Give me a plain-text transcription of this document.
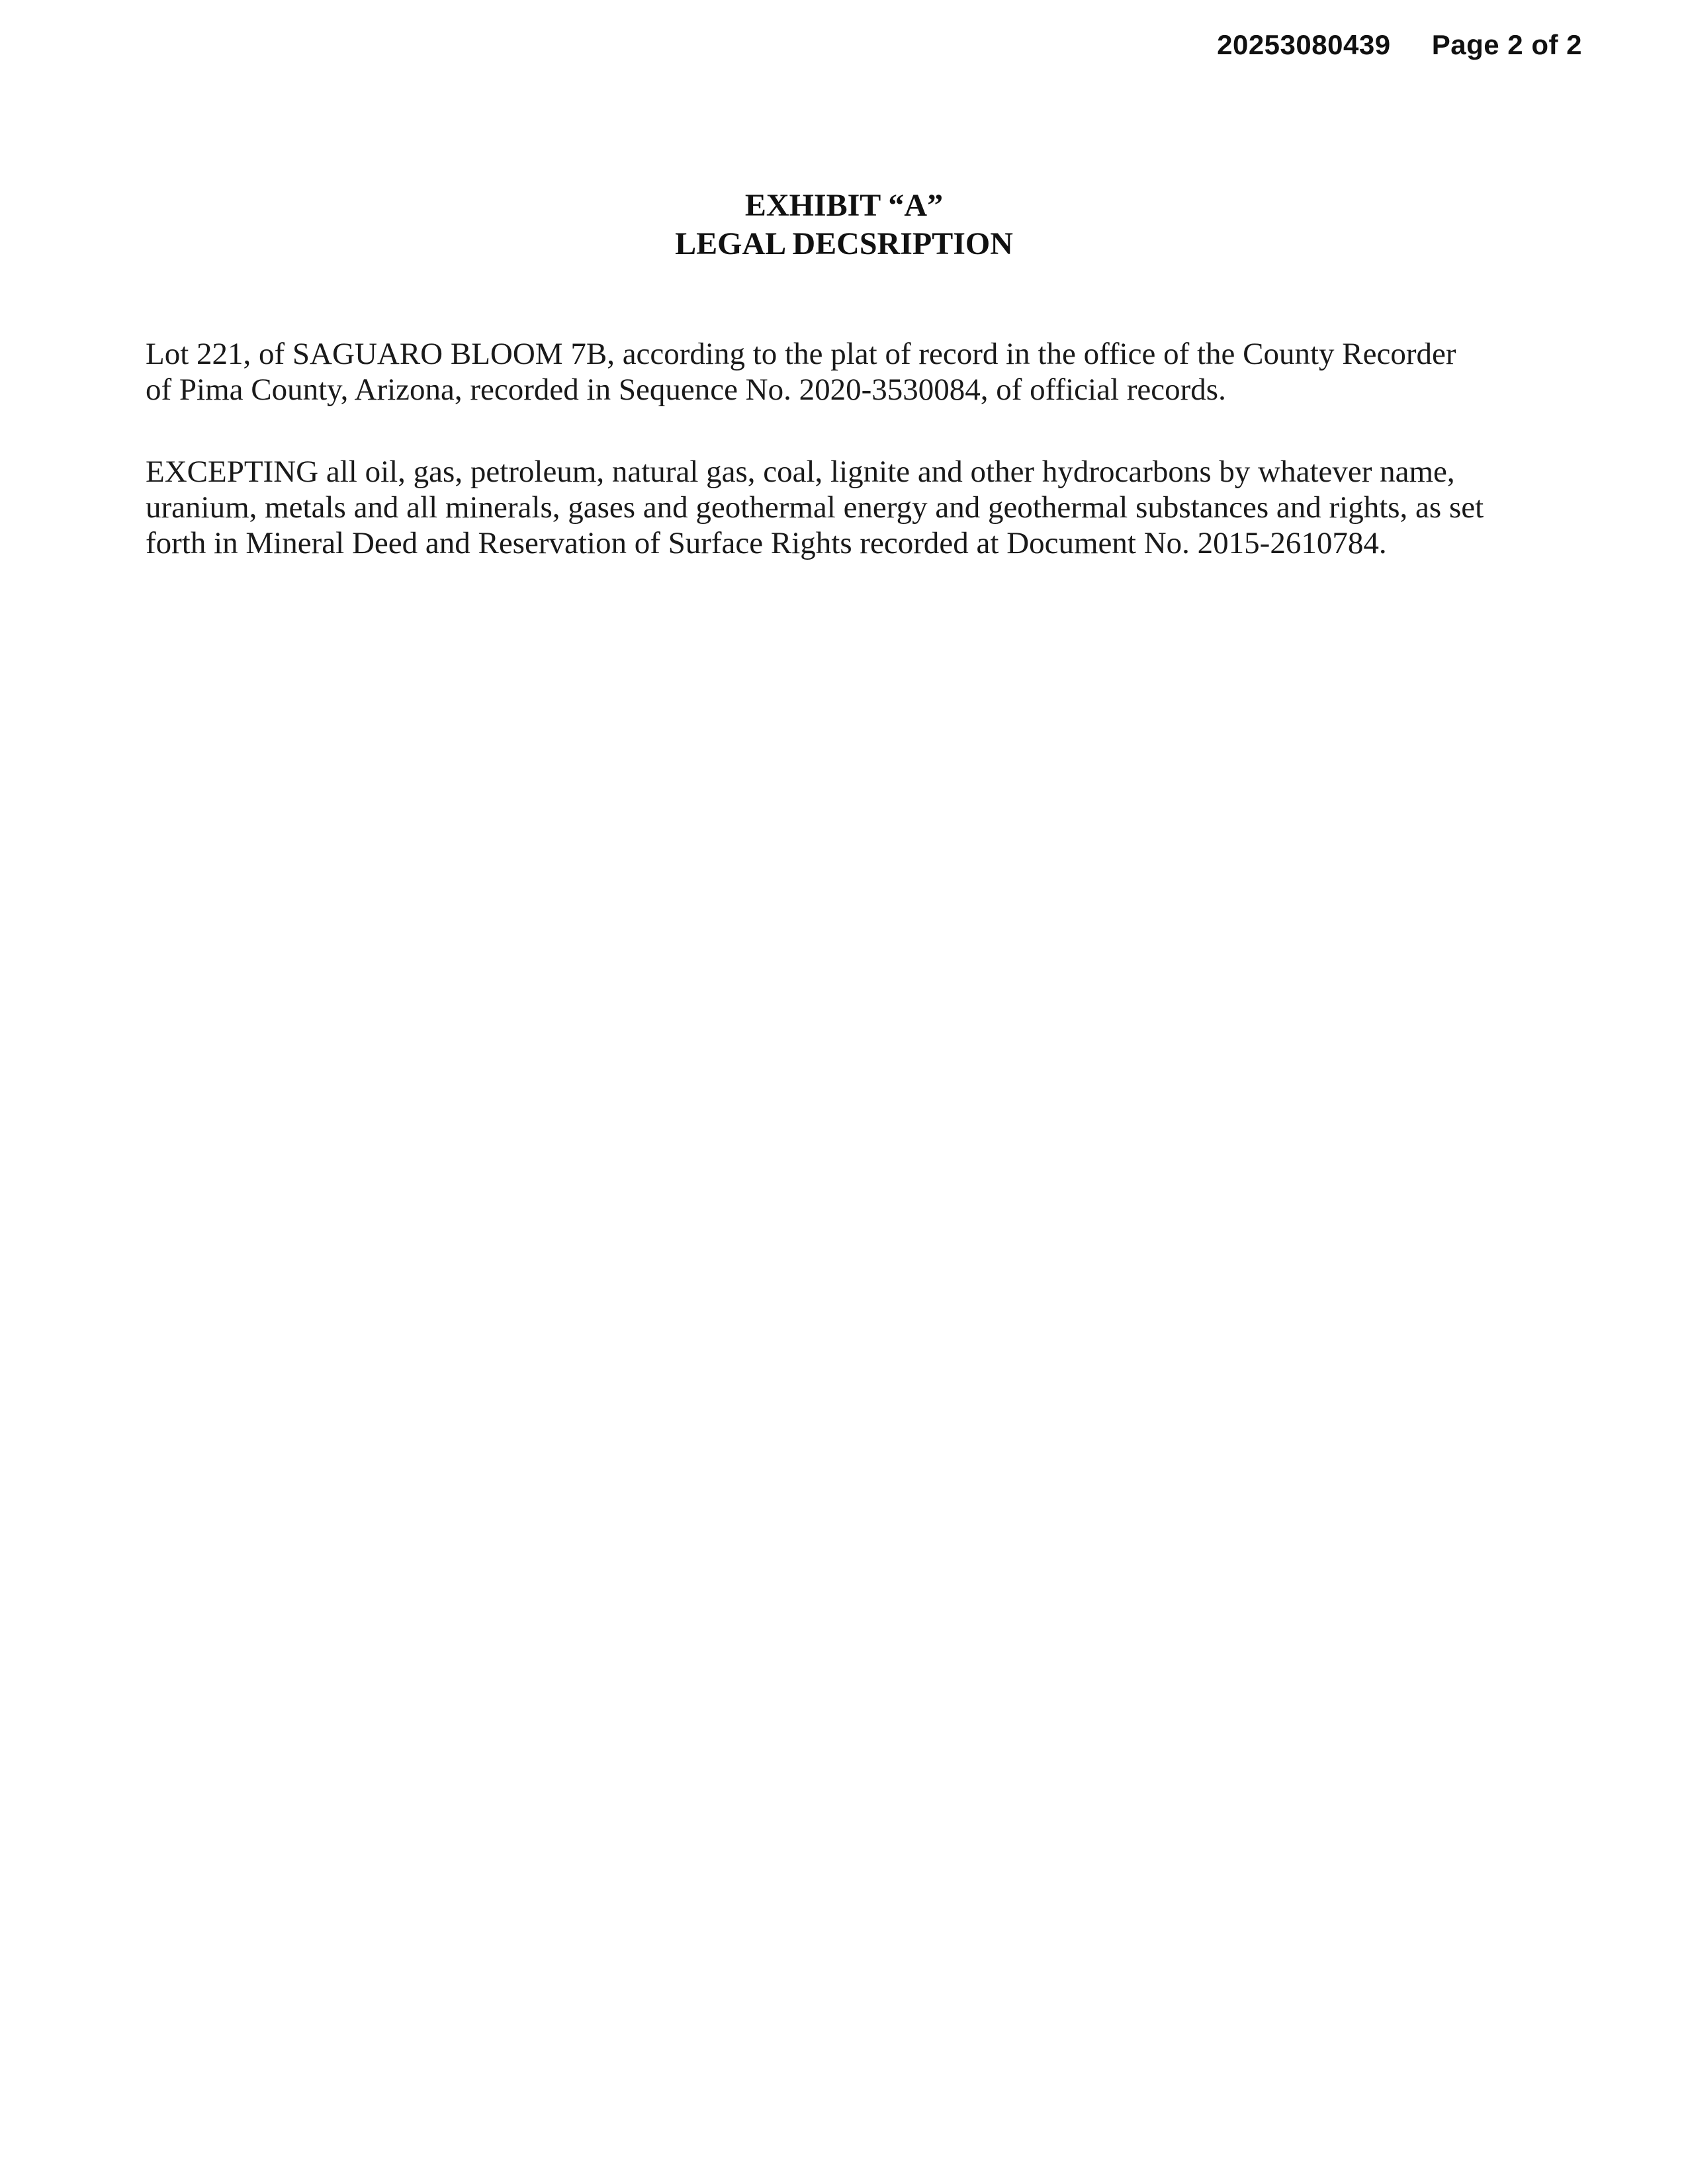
20253080439 Page 2 of 2
EXHIBIT “A”
LEGAL DECSRIPTION
Lot 221, of SAGUARO BLOOM 7B, according to the plat of record in the office of the County Recorder
of Pima County, Arizona, recorded in Sequence No. 2020-3530084, of official records.
EXCEPTING all oil, gas, petroleum, natural gas, coal, lignite and other hydrocarbons by whatever name,
uranium, metals and all minerals, gases and geothermal energy and geothermal substances and rights, as set
forth in Mineral Deed and Reservation of Surface Rights recorded at Document No. 2015-2610784.
